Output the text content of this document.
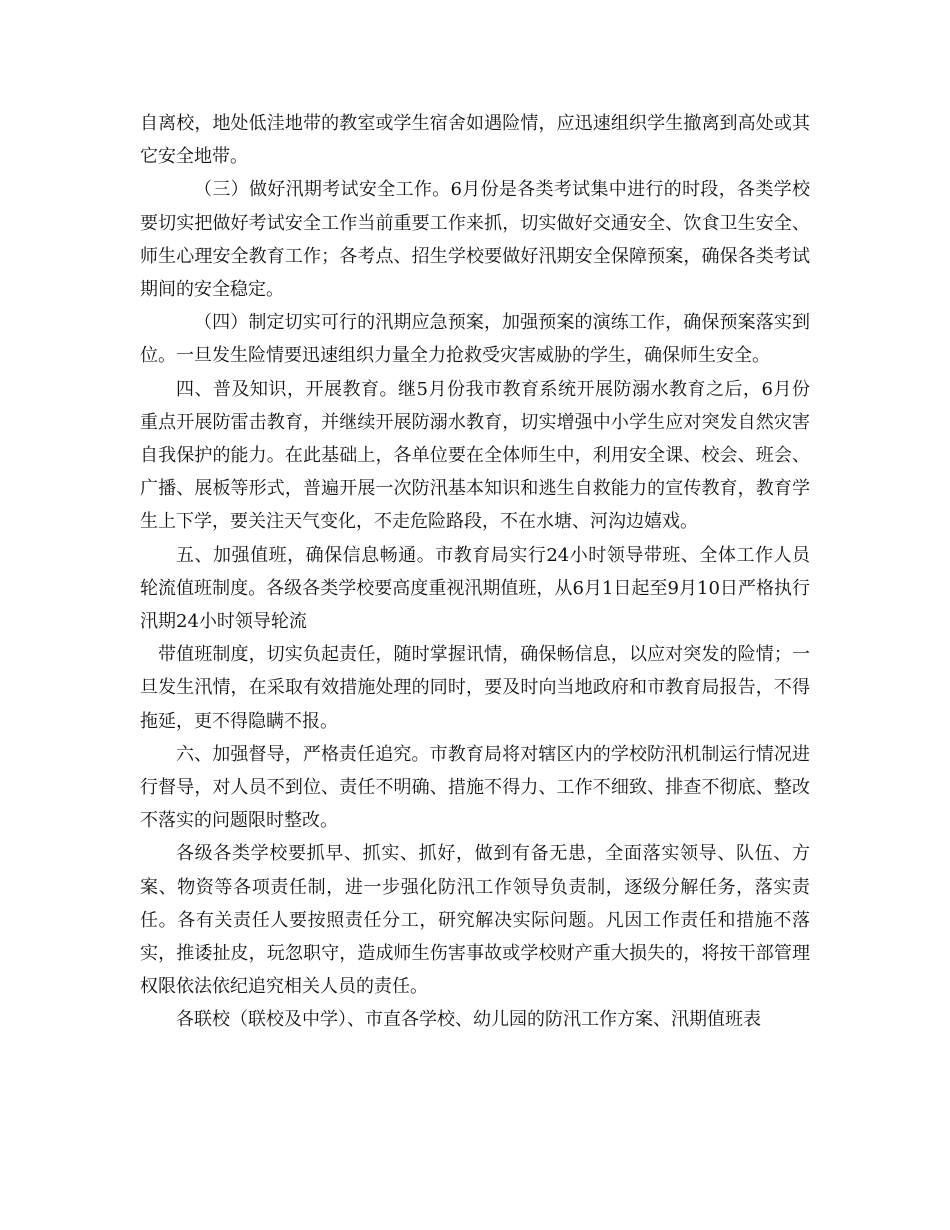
自离校，地处低洼地带的教室或学生宿舍如遇险情，应迅速组织学生撤离到高处或其它安全地带。

（三）做好汛期考试安全工作。6月份是各类考试集中进行的时段，各类学校要切实把做好考试安全工作当前重要工作来抓，切实做好交通安全、饮食卫生安全、师生心理安全教育工作；各考点、招生学校要做好汛期安全保障预案，确保各类考试期间的安全稳定。

（四）制定切实可行的汛期应急预案，加强预案的演练工作，确保预案落实到位。一旦发生险情要迅速组织力量全力抢救受灾害威胁的学生，确保师生安全。

四、普及知识，开展教育。继5月份我市教育系统开展防溺水教育之后，6月份重点开展防雷击教育，并继续开展防溺水教育，切实增强中小学生应对突发自然灾害自我保护的能力。在此基础上，各单位要在全体师生中，利用安全课、校会、班会、广播、展板等形式，普遍开展一次防汛基本知识和逃生自救能力的宣传教育，教育学生上下学，要关注天气变化，不走危险路段，不在水塘、河沟边嬉戏。

五、加强值班，确保信息畅通。市教育局实行24小时领导带班、全体工作人员轮流值班制度。各级各类学校要高度重视汛期值班，从6月1日起至9月10日严格执行汛期24小时领导轮流

带值班制度，切实负起责任，随时掌握讯情，确保畅信息，以应对突发的险情；一旦发生汛情，在采取有效措施处理的同时，要及时向当地政府和市教育局报告，不得拖延，更不得隐瞒不报。

六、加强督导，严格责任追究。市教育局将对辖区内的学校防汛机制运行情况进行督导，对人员不到位、责任不明确、措施不得力、工作不细致、排查不彻底、整改不落实的问题限时整改。

各级各类学校要抓早、抓实、抓好，做到有备无患，全面落实领导、队伍、方案、物资等各项责任制，进一步强化防汛工作领导负责制，逐级分解任务，落实责任。各有关责任人要按照责任分工，研究解决实际问题。凡因工作责任和措施不落实，推诿扯皮，玩忽职守，造成师生伤害事故或学校财产重大损失的，将按干部管理权限依法依纪追究相关人员的责任。

各联校（联校及中学）、市直各学校、幼儿园的防汛工作方案、汛期值班表
